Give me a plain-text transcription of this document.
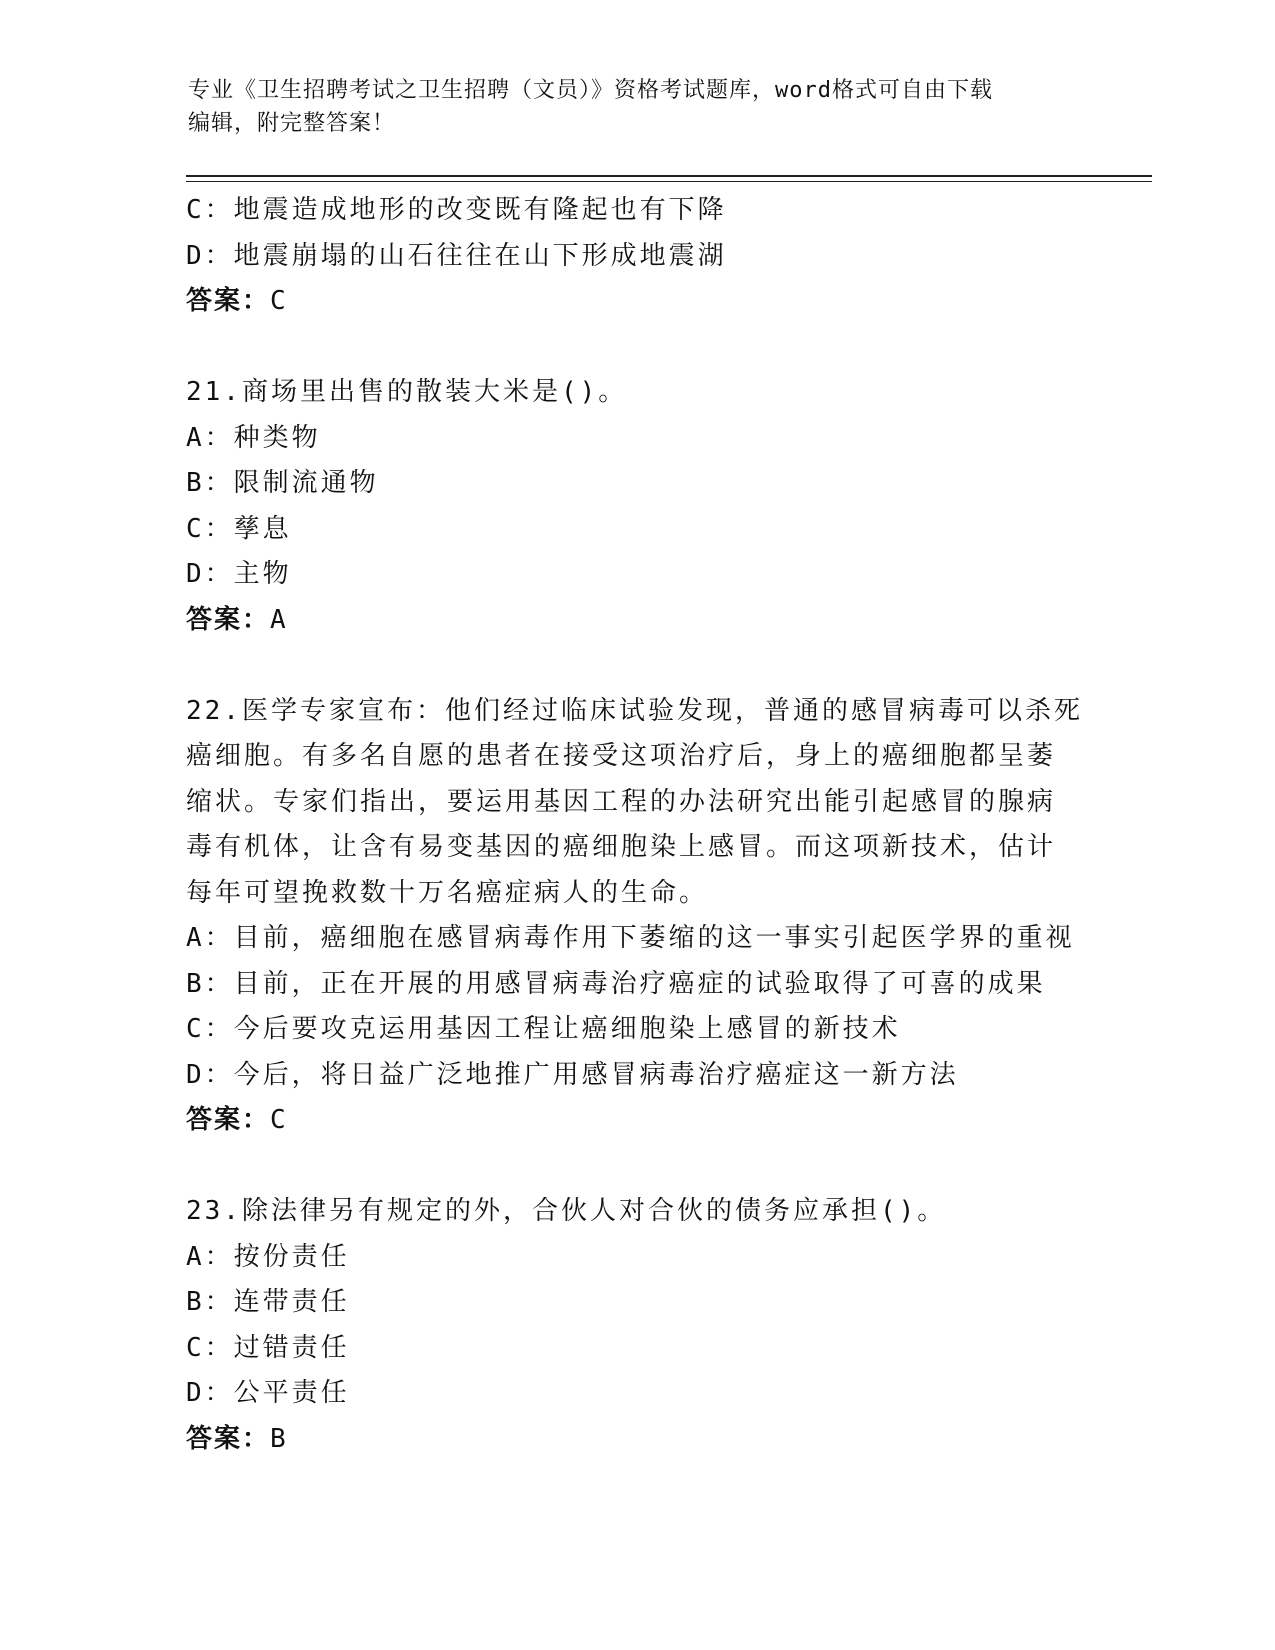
专业《卫生招聘考试之卫生招聘（文员）》资格考试题库，word格式可自由下载
编辑，附完整答案！
C：地震造成地形的改变既有隆起也有下降
D：地震崩塌的山石往往在山下形成地震湖
答案：C
21.商场里出售的散装大米是()。
A：种类物
B：限制流通物
C：孳息
D：主物
答案：A
22.医学专家宣布：他们经过临床试验发现，普通的感冒病毒可以杀死
癌细胞。有多名自愿的患者在接受这项治疗后，身上的癌细胞都呈萎
缩状。专家们指出，要运用基因工程的办法研究出能引起感冒的腺病
毒有机体，让含有易变基因的癌细胞染上感冒。而这项新技术，估计
每年可望挽救数十万名癌症病人的生命。
A：目前，癌细胞在感冒病毒作用下萎缩的这一事实引起医学界的重视
B：目前，正在开展的用感冒病毒治疗癌症的试验取得了可喜的成果
C：今后要攻克运用基因工程让癌细胞染上感冒的新技术
D：今后，将日益广泛地推广用感冒病毒治疗癌症这一新方法
答案：C
23.除法律另有规定的外，合伙人对合伙的债务应承担()。
A：按份责任
B：连带责任
C：过错责任
D：公平责任
答案：B
